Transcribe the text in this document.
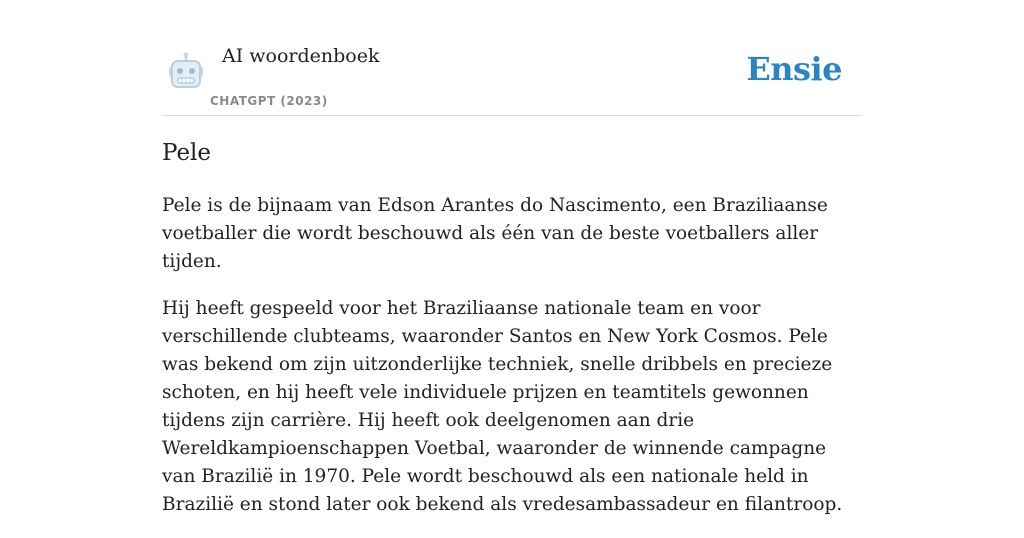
AI woordenboek
CHATGPT (2023)
Ensie
Pele

Pele is de bijnaam van Edson Arantes do Nascimento, een Braziliaanse voetballer die wordt beschouwd als één van de beste voetballers aller tijden.

Hij heeft gespeeld voor het Braziliaanse nationale team en voor verschillende clubteams, waaronder Santos en New York Cosmos. Pele was bekend om zijn uitzonderlijke techniek, snelle dribbels en precieze schoten, en hij heeft vele individuele prijzen en teamtitels gewonnen tijdens zijn carrière. Hij heeft ook deelgenomen aan drie Wereldkampioenschappen Voetbal, waaronder de winnende campagne van Brazilië in 1970. Pele wordt beschouwd als een nationale held in Brazilië en stond later ook bekend als vredesambassadeur en filantroop.
